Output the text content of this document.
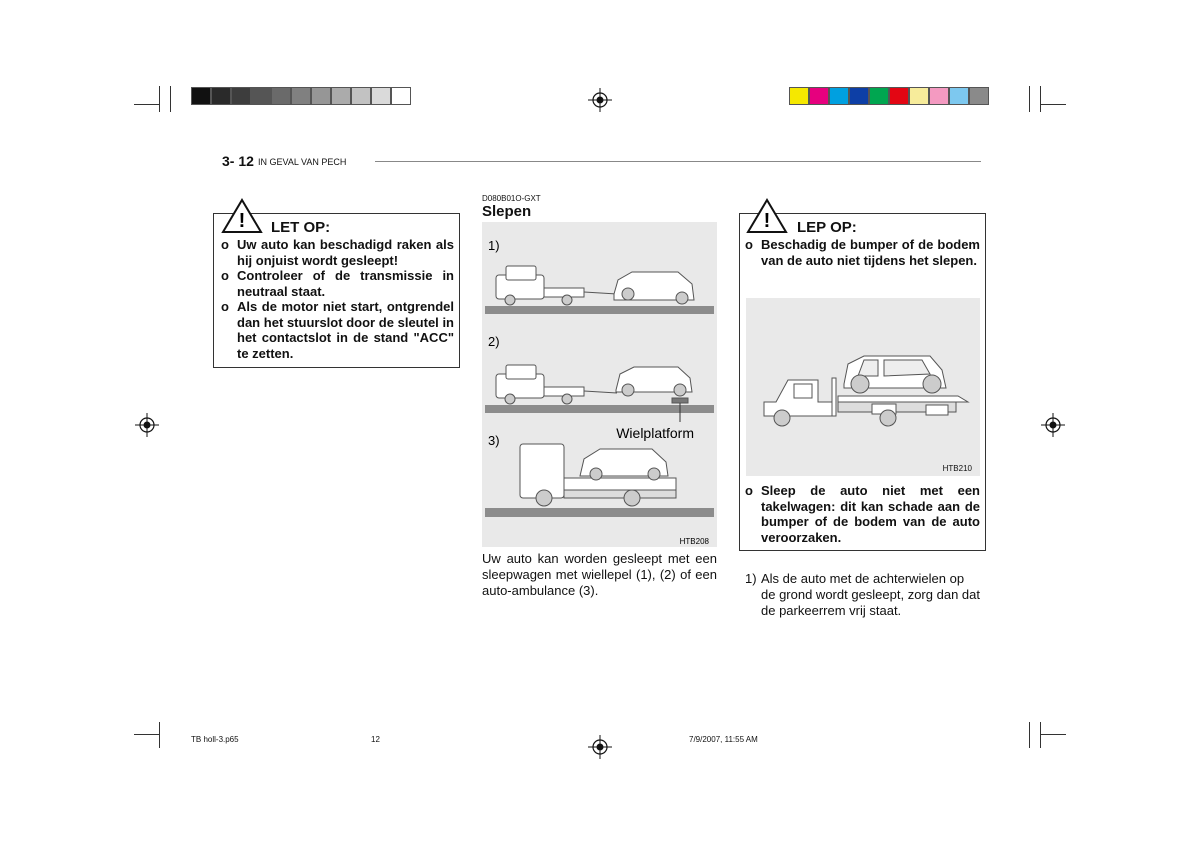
3- 12 IN GEVAL VAN PECH
! LET OP:
o Uw auto kan beschadigd raken als hij onjuist wordt gesleept!
o Controleer of de transmissie in neutraal staat.
o Als de motor niet start, ontgrendel dan het stuurslot door de sleutel in het contactslot in de stand "ACC" te zetten.
D080B01O-GXT
Slepen
1)
2)
Wielplatform
3)
HTB208
Uw auto kan worden gesleept met een sleepwagen met wiellepel (1), (2) of een auto-ambulance (3).
! LEP OP:
o Beschadig de bumper of de bodem van de auto niet tijdens het slepen.
HTB210
o Sleep de auto niet met een takelwagen: dit kan schade aan de bumper of de bodem van de auto veroorzaken.
1) Als de auto met de achterwielen op de grond wordt gesleept, zorg dan dat de parkeerrem vrij staat.
TB holl-3.p65	12	7/9/2007, 11:55 AM
